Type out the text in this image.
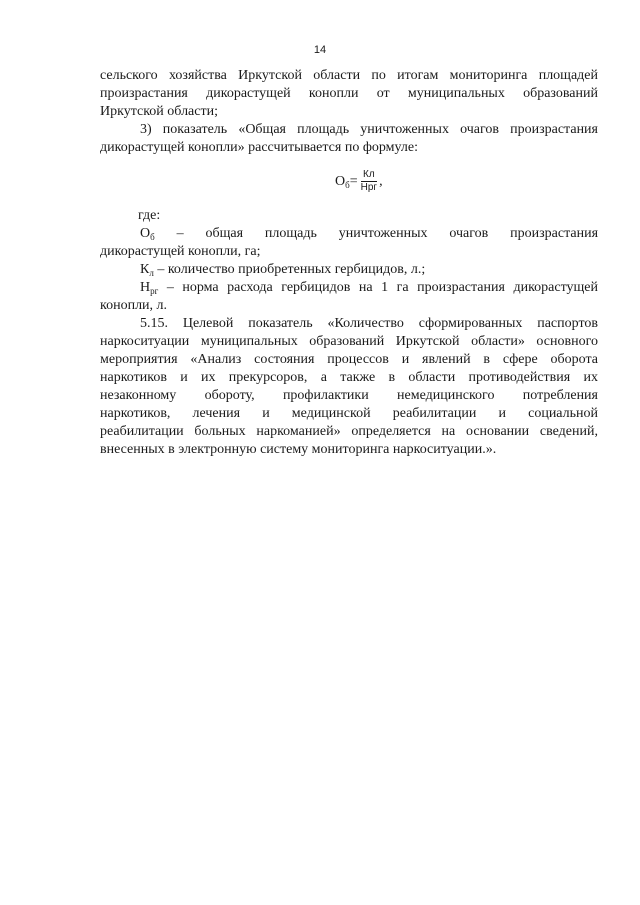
14
сельского хозяйства Иркутской области по итогам мониторинга площадей
произрастания дикорастущей конопли от муниципальных образований
Иркутской области;
3) показатель «Общая площадь уничтоженных очагов произрастания
дикорастущей конопли» рассчитывается по формуле:
$О_б = \frac{Кл}{\text{Нрг}}$ ,
где:
$О_б$ – общая площадь уничтоженных очагов произрастания
дикорастущей конопли, га;
$К_л$ – количество приобретенных гербицидов, л.;
$Н_{рг}$ – норма расхода гербицидов на 1 га произрастания дикорастущей
конопли, л.
5.15. Целевой показатель «Количество сформированных паспортов
наркоситуации муниципальных образований Иркутской области» основного
мероприятия «Анализ состояния процессов и явлений в сфере оборота
наркотиков и их прекурсоров, а также в области противодействия их
незаконному обороту, профилактики немедицинского потребления
наркотиков, лечения и медицинской реабилитации и социальной
реабилитации больных наркоманией» определяется на основании сведений,
внесенных в электронную систему мониторинга наркоситуации.».
